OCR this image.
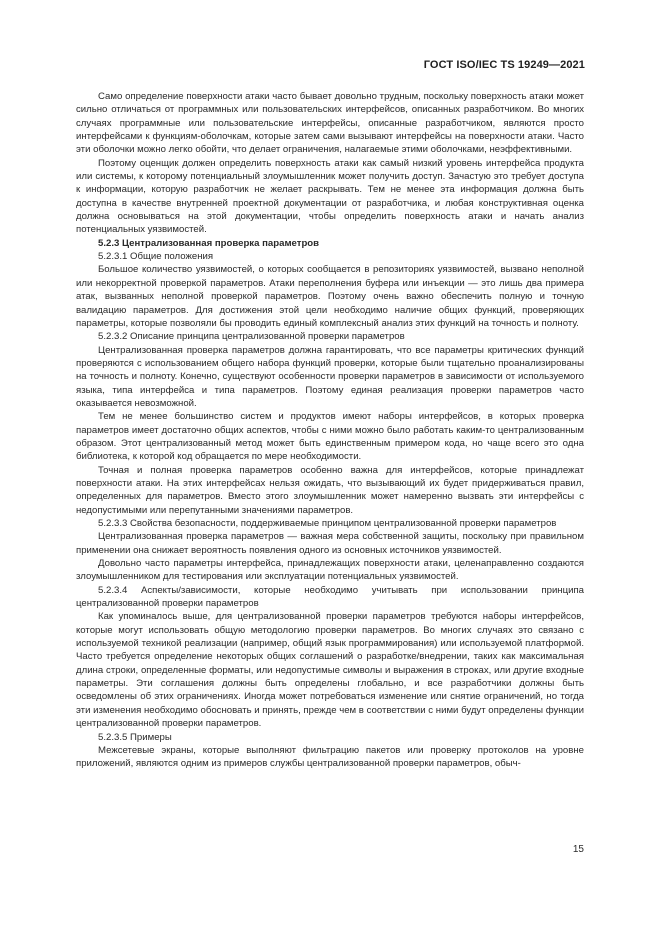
ГОСТ ISO/IEC TS 19249—2021

Само определение поверхности атаки часто бывает довольно трудным, поскольку поверхность атаки может сильно отличаться от программных или пользовательских интерфейсов, описанных разработчиком. Во многих случаях программные или пользовательские интерфейсы, описанные разработчиком, являются просто интерфейсами к функциям-оболочкам, которые затем сами вызывают интерфейсы на поверхности атаки. Часто эти оболочки можно легко обойти, что делает ограничения, налагаемые этими оболочками, неэффективными.

Поэтому оценщик должен определить поверхность атаки как самый низкий уровень интерфейса продукта или системы, к которому потенциальный злоумышленник может получить доступ. Зачастую это требует доступа к информации, которую разработчик не желает раскрывать. Тем не менее эта информация должна быть доступна в качестве внутренней проектной документации от разработчика, и любая конструктивная оценка должна основываться на этой документации, чтобы определить поверхность атаки и начать анализ потенциальных уязвимостей.

5.2.3 Централизованная проверка параметров

5.2.3.1 Общие положения

Большое количество уязвимостей, о которых сообщается в репозиториях уязвимостей, вызвано неполной или некорректной проверкой параметров. Атаки переполнения буфера или инъекции — это лишь два примера атак, вызванных неполной проверкой параметров. Поэтому очень важно обеспечить полную и точную валидацию параметров. Для достижения этой цели необходимо наличие общих функций, проверяющих параметры, которые позволяли бы проводить единый комплексный анализ этих функций на точность и полноту.

5.2.3.2 Описание принципа централизованной проверки параметров

Централизованная проверка параметров должна гарантировать, что все параметры критических функций проверяются с использованием общего набора функций проверки, которые были тщательно проанализированы на точность и полноту. Конечно, существуют особенности проверки параметров в зависимости от используемого языка, типа интерфейса и типа параметров. Поэтому единая реализация проверки параметров часто оказывается невозможной.

Тем не менее большинство систем и продуктов имеют наборы интерфейсов, в которых проверка параметров имеет достаточно общих аспектов, чтобы с ними можно было работать каким-то централизованным образом. Этот централизованный метод может быть единственным примером кода, но чаще всего это одна библиотека, к которой код обращается по мере необходимости.

Точная и полная проверка параметров особенно важна для интерфейсов, которые принадлежат поверхности атаки. На этих интерфейсах нельзя ожидать, что вызывающий их будет придерживаться правил, определенных для параметров. Вместо этого злоумышленник может намеренно вызвать эти интерфейсы с недопустимыми или перепутанными значениями параметров.

5.2.3.3 Свойства безопасности, поддерживаемые принципом централизованной проверки параметров

Централизованная проверка параметров — важная мера собственной защиты, поскольку при правильном применении она снижает вероятность появления одного из основных источников уязвимостей.

Довольно часто параметры интерфейса, принадлежащих поверхности атаки, целенаправленно создаются злоумышленником для тестирования или эксплуатации потенциальных уязвимостей.

5.2.3.4 Аспекты/зависимости, которые необходимо учитывать при использовании принципа централизованной проверки параметров

Как упоминалось выше, для централизованной проверки параметров требуются наборы интерфейсов, которые могут использовать общую методологию проверки параметров. Во многих случаях это связано с используемой техникой реализации (например, общий язык программирования) или используемой платформой. Часто требуется определение некоторых общих соглашений о разработке/внедрении, таких как максимальная длина строки, определенные форматы, или недопустимые символы и выражения в строках, или другие входные параметры. Эти соглашения должны быть определены глобально, и все разработчики должны быть осведомлены об этих ограничениях. Иногда может потребоваться изменение или снятие ограничений, но тогда эти изменения необходимо обосновать и принять, прежде чем в соответствии с ними будут определены функции централизованной проверки параметров.

5.2.3.5 Примеры

Межсетевые экраны, которые выполняют фильтрацию пакетов или проверку протоколов на уровне приложений, являются одним из примеров службы централизованной проверки параметров, обыч-

15
